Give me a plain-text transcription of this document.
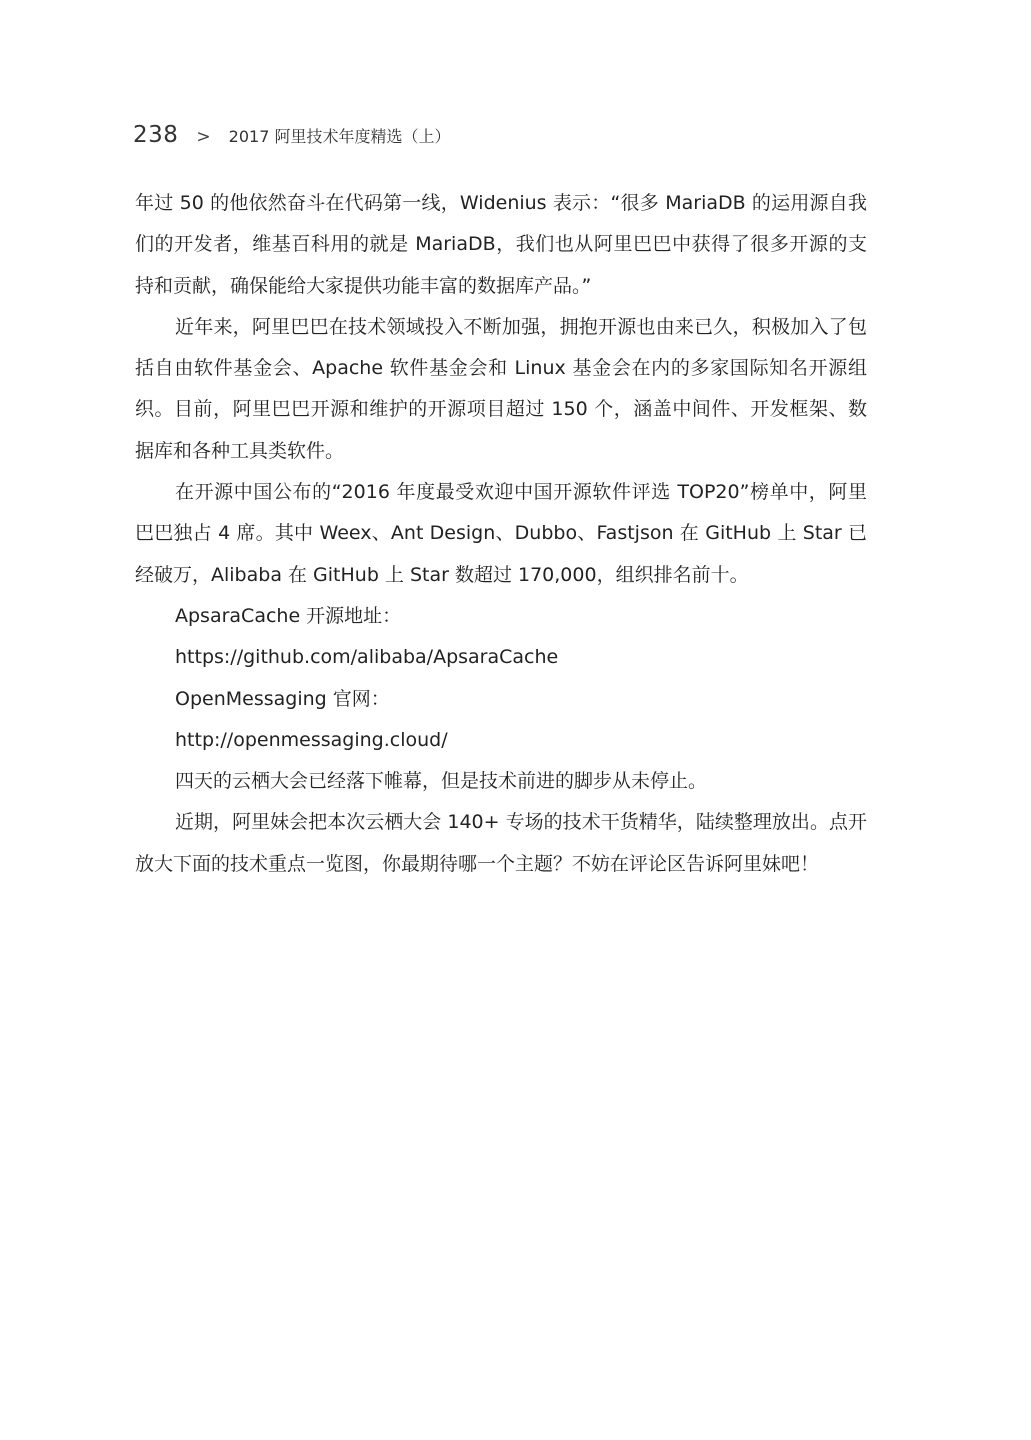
238 > 2017 阿里技术年度精选（上）

年过 50 的他依然奋斗在代码第一线，Widenius 表示：“很多 MariaDB 的运用源自我们的开发者，维基百科用的就是 MariaDB，我们也从阿里巴巴中获得了很多开源的支持和贡献，确保能给大家提供功能丰富的数据库产品。”

近年来，阿里巴巴在技术领域投入不断加强，拥抱开源也由来已久，积极加入了包括自由软件基金会、Apache 软件基金会和 Linux 基金会在内的多家国际知名开源组织。目前，阿里巴巴开源和维护的开源项目超过 150 个，涵盖中间件、开发框架、数据库和各种工具类软件。

在开源中国公布的“2016 年度最受欢迎中国开源软件评选 TOP20”榜单中，阿里巴巴独占 4 席。其中 Weex、Ant Design、Dubbo、Fastjson 在 GitHub 上 Star 已经破万，Alibaba 在 GitHub 上 Star 数超过 170,000，组织排名前十。

ApsaraCache 开源地址：

https://github.com/alibaba/ApsaraCache

OpenMessaging 官网：

http://openmessaging.cloud/

四天的云栖大会已经落下帷幕，但是技术前进的脚步从未停止。

近期，阿里妹会把本次云栖大会 140+ 专场的技术干货精华，陆续整理放出。点开放大下面的技术重点一览图，你最期待哪一个主题？不妨在评论区告诉阿里妹吧！
